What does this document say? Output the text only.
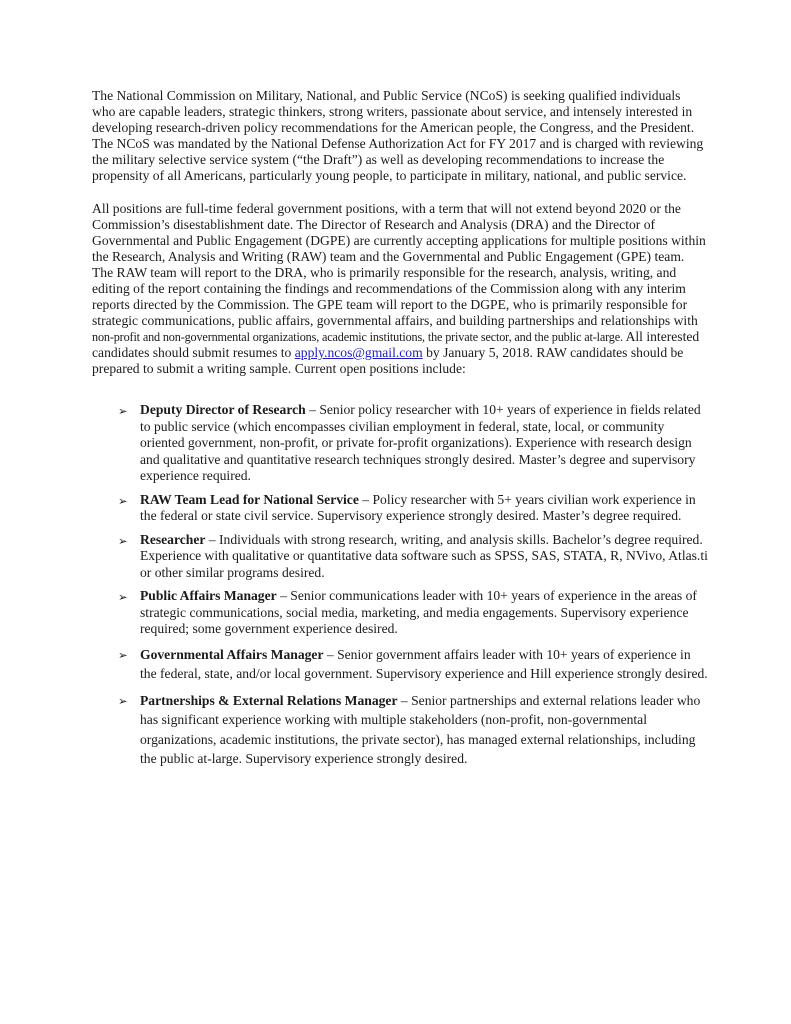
The National Commission on Military, National, and Public Service (NCoS) is seeking qualified individuals who are capable leaders, strategic thinkers, strong writers, passionate about service, and intensely interested in developing research-driven policy recommendations for the American people, the Congress, and the President. The NCoS was mandated by the National Defense Authorization Act for FY 2017 and is charged with reviewing the military selective service system (“the Draft”) as well as developing recommendations to increase the propensity of all Americans, particularly young people, to participate in military, national, and public service.

All positions are full-time federal government positions, with a term that will not extend beyond 2020 or the Commission’s disestablishment date. The Director of Research and Analysis (DRA) and the Director of Governmental and Public Engagement (DGPE) are currently accepting applications for multiple positions within the Research, Analysis and Writing (RAW) team and the Governmental and Public Engagement (GPE) team. The RAW team will report to the DRA, who is primarily responsible for the research, analysis, writing, and editing of the report containing the findings and recommendations of the Commission along with any interim reports directed by the Commission. The GPE team will report to the DGPE, who is primarily responsible for strategic communications, public affairs, governmental affairs, and building partnerships and relationships with non-profit and non-governmental organizations, academic institutions, the private sector, and the public at-large. All interested candidates should submit resumes to apply.ncos@gmail.com by January 5, 2018. RAW candidates should be prepared to submit a writing sample. Current open positions include:

➢ Deputy Director of Research – Senior policy researcher with 10+ years of experience in fields related to public service (which encompasses civilian employment in federal, state, local, or community oriented government, non-profit, or private for-profit organizations). Experience with research design and qualitative and quantitative research techniques strongly desired. Master’s degree and supervisory experience required.
➢ RAW Team Lead for National Service – Policy researcher with 5+ years civilian work experience in the federal or state civil service. Supervisory experience strongly desired. Master’s degree required.
➢ Researcher – Individuals with strong research, writing, and analysis skills. Bachelor’s degree required. Experience with qualitative or quantitative data software such as SPSS, SAS, STATA, R, NVivo, Atlas.ti or other similar programs desired.
➢ Public Affairs Manager – Senior communications leader with 10+ years of experience in the areas of strategic communications, social media, marketing, and media engagements. Supervisory experience required; some government experience desired.
➢ Governmental Affairs Manager – Senior government affairs leader with 10+ years of experience in the federal, state, and/or local government. Supervisory experience and Hill experience strongly desired.
➢ Partnerships & External Relations Manager – Senior partnerships and external relations leader who has significant experience working with multiple stakeholders (non-profit, non-governmental organizations, academic institutions, the private sector), has managed external relationships, including the public at-large. Supervisory experience strongly desired.
